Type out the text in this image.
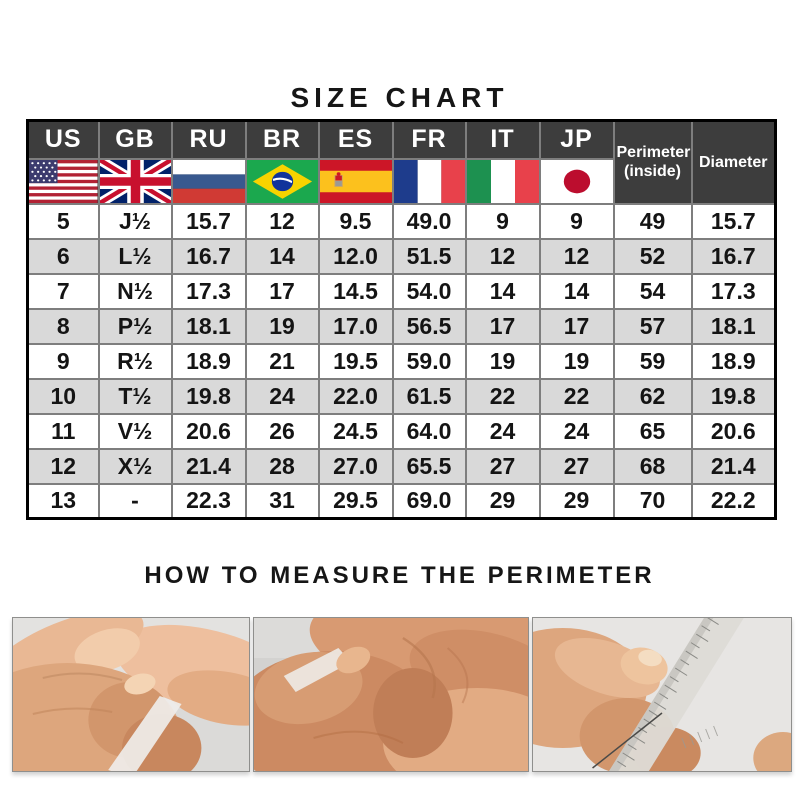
SIZE CHART
US	GB	RU	BR	ES	FR	IT	JP	Perimeter (inside)	Diameter

5	J½	15.7	12	9.5	49.0	9	9	49	15.7
6	L½	16.7	14	12.0	51.5	12	12	52	16.7
7	N½	17.3	17	14.5	54.0	14	14	54	17.3
8	P½	18.1	19	17.0	56.5	17	17	57	18.1
9	R½	18.9	21	19.5	59.0	19	19	59	18.9
10	T½	19.8	24	22.0	61.5	22	22	62	19.8
11	V½	20.6	26	24.5	64.0	24	24	65	20.6
12	X½	21.4	28	27.0	65.5	27	27	68	21.4
13	-	22.3	31	29.5	69.0	29	29	70	22.2
HOW TO MEASURE THE PERIMETER
